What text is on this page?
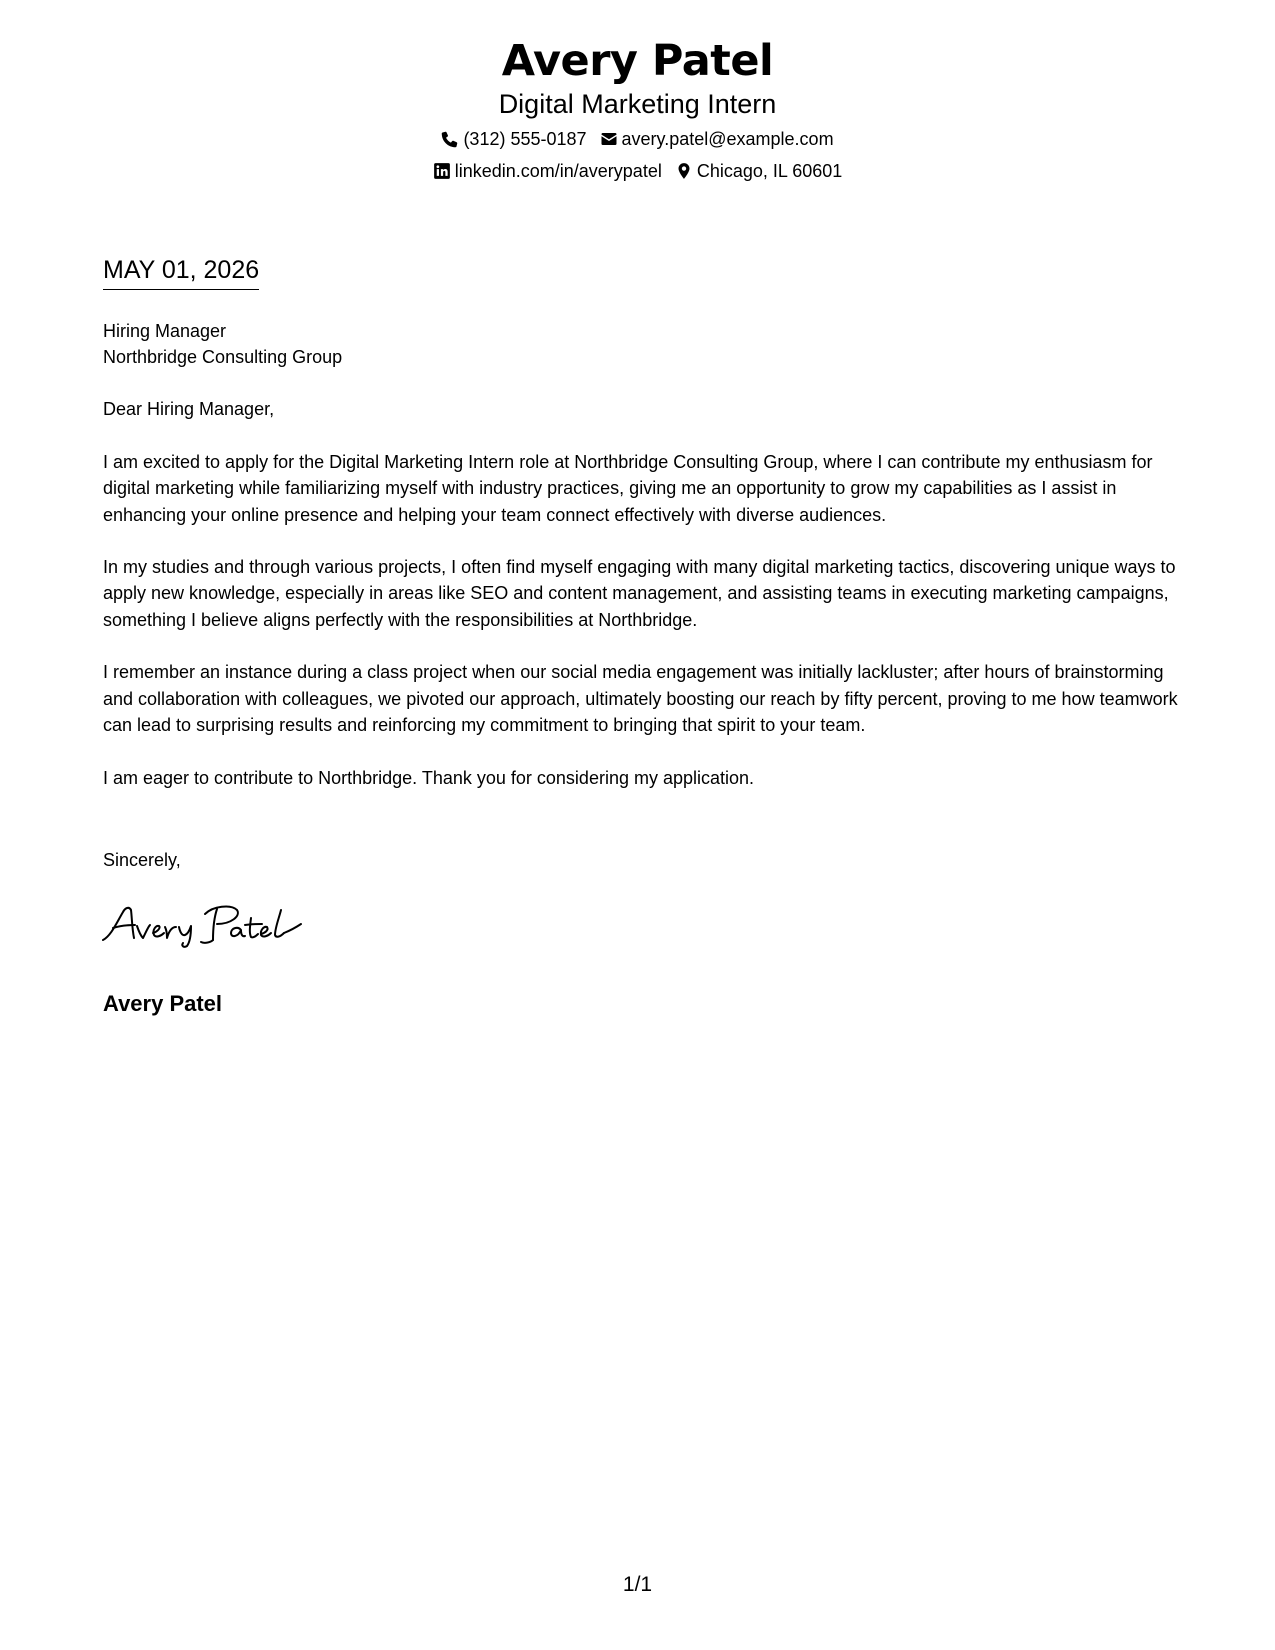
Avery Patel
Digital Marketing Intern
(312) 555-0187 avery.patel@example.com
linkedin.com/in/averypatel Chicago, IL 60601
MAY 01, 2026
Hiring Manager
Northbridge Consulting Group
Dear Hiring Manager,

I am excited to apply for the Digital Marketing Intern role at Northbridge Consulting Group, where I can contribute my enthusiasm for digital marketing while familiarizing myself with industry practices, giving me an opportunity to grow my capabilities as I assist in enhancing your online presence and helping your team connect effectively with diverse audiences.

In my studies and through various projects, I often find myself engaging with many digital marketing tactics, discovering unique ways to apply new knowledge, especially in areas like SEO and content management, and assisting teams in executing marketing campaigns, something I believe aligns perfectly with the responsibilities at Northbridge.

I remember an instance during a class project when our social media engagement was initially lackluster; after hours of brainstorming and collaboration with colleagues, we pivoted our approach, ultimately boosting our reach by fifty percent, proving to me how teamwork can lead to surprising results and reinforcing my commitment to bringing that spirit to your team.

I am eager to contribute to Northbridge. Thank you for considering my application.

Sincerely,
Avery Patel
1/1
